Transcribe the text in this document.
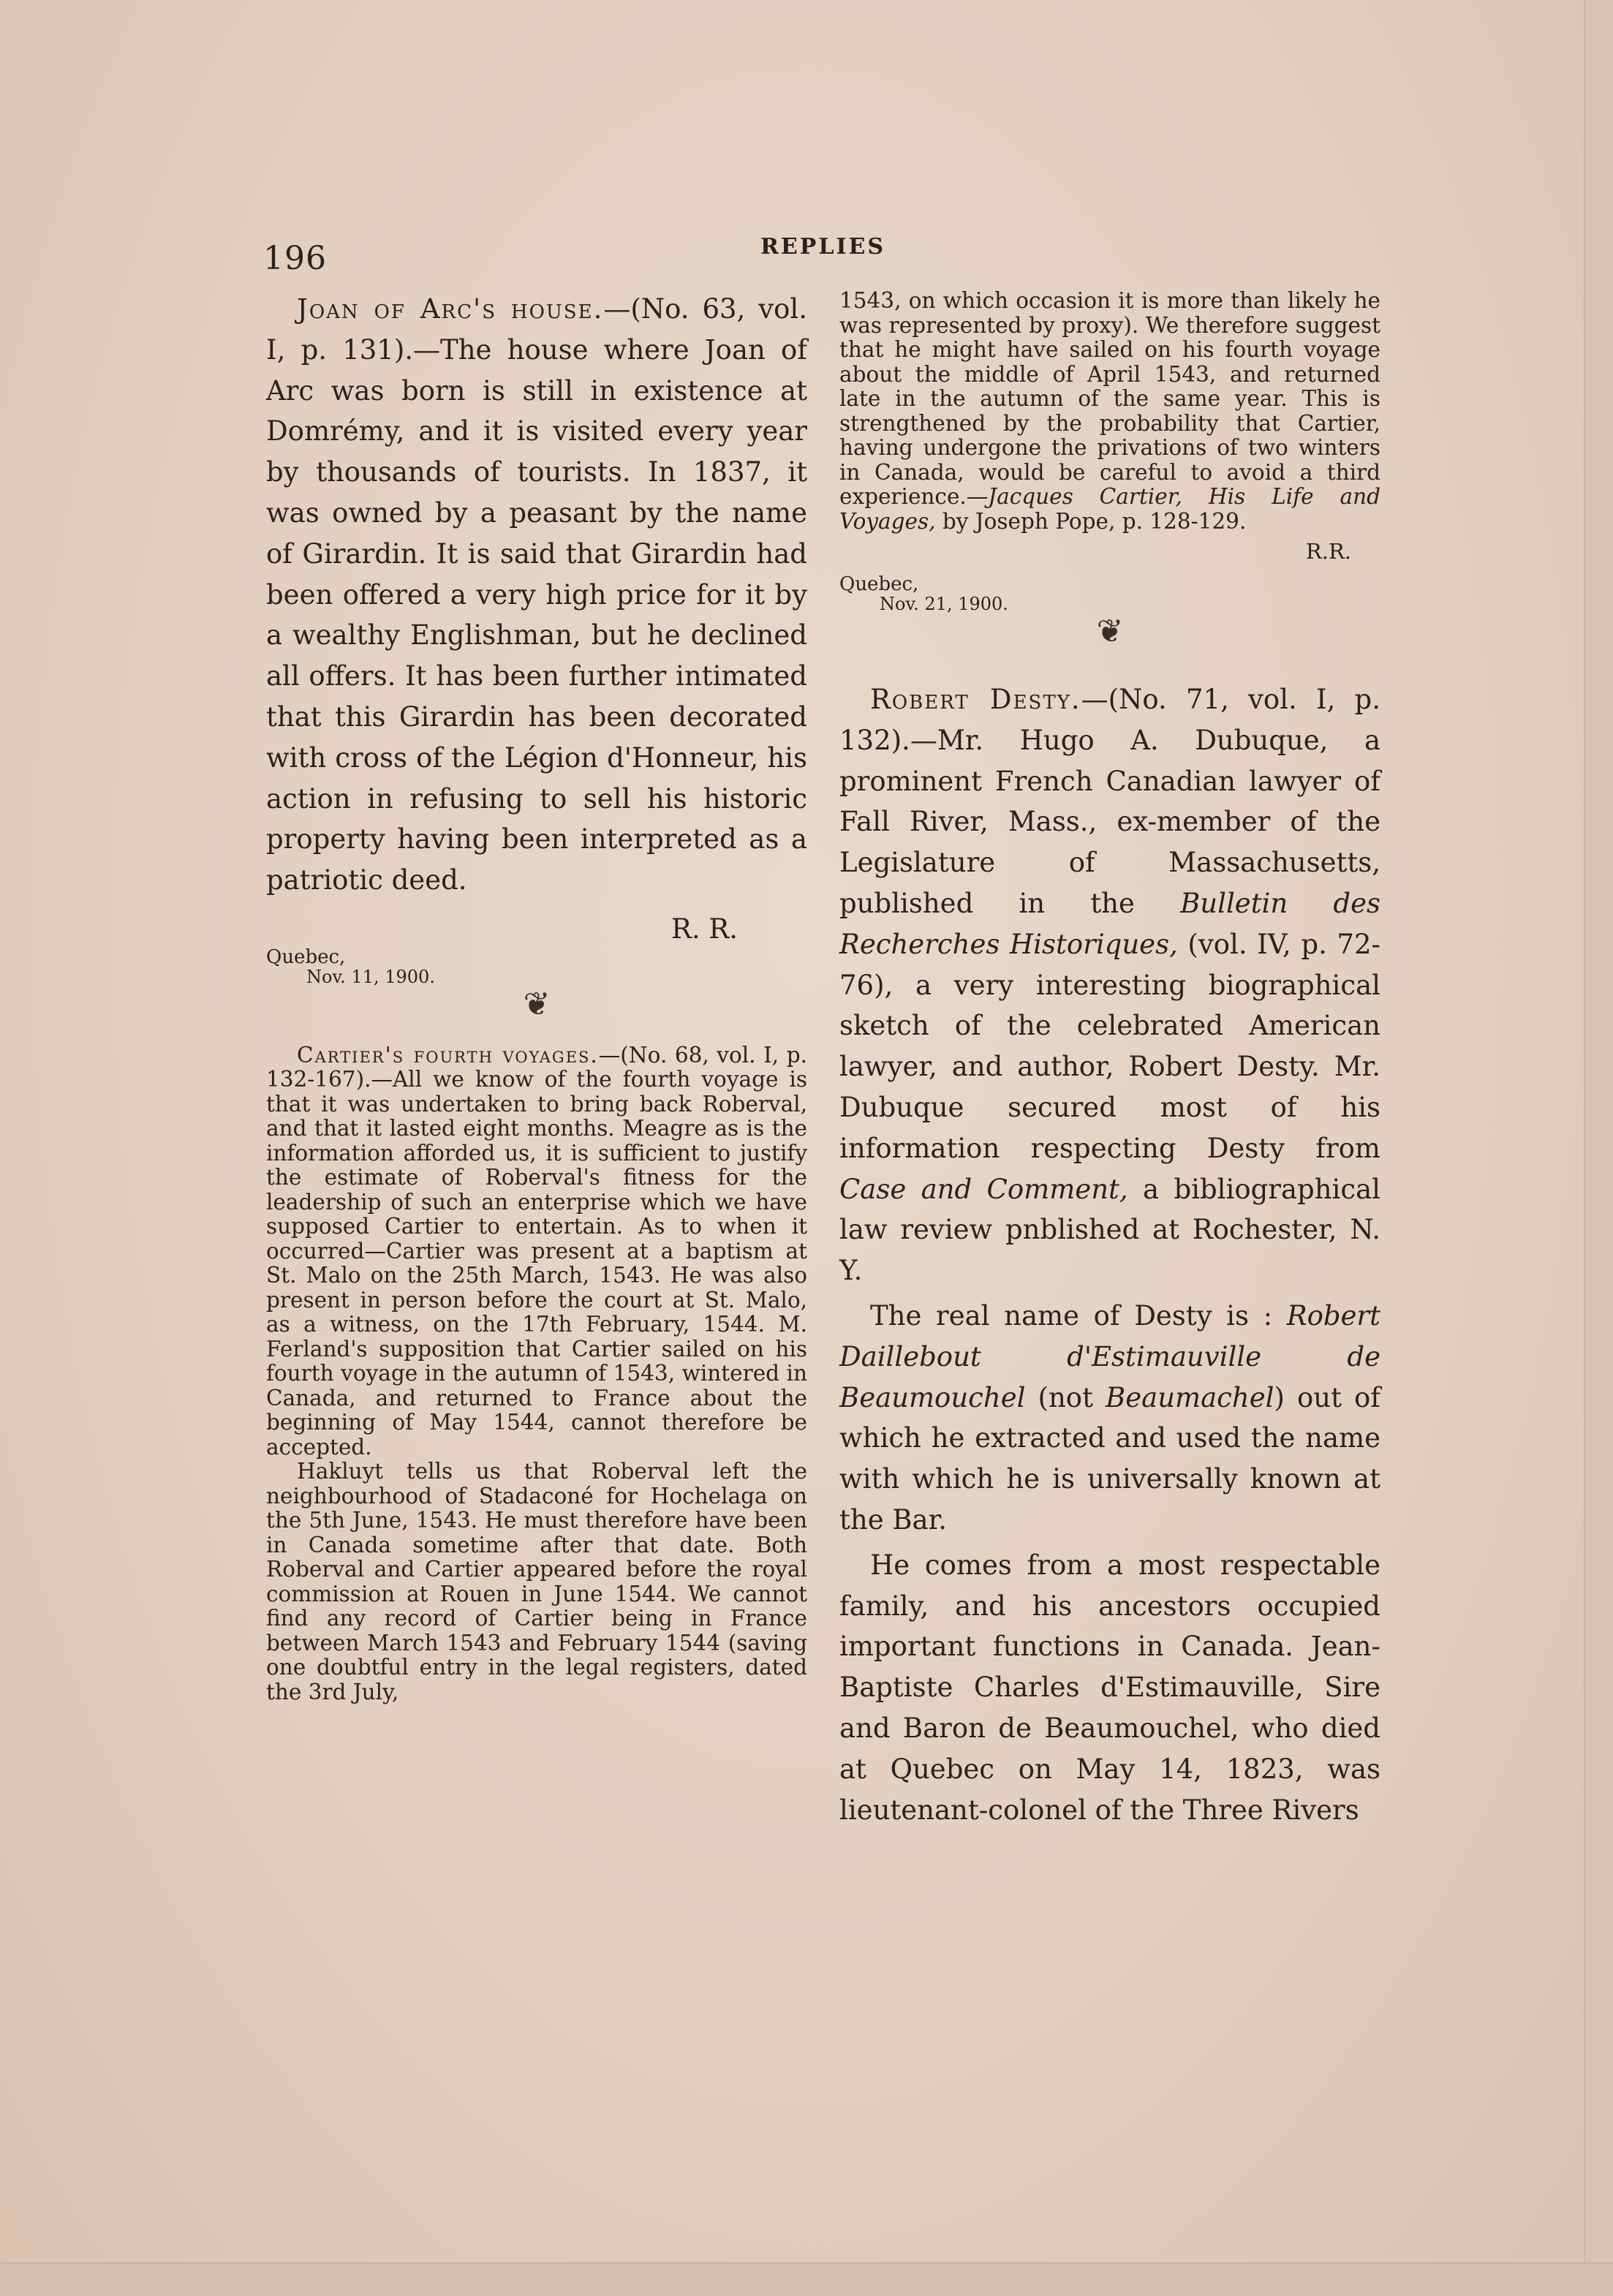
196	REPLIES

Joan of Arc's house.—(No. 63, vol. I, p. 131).—The house where Joan of Arc was born is still in existence at Domrémy, and it is visited every year by thousands of tourists. In 1837, it was owned by a peasant by the name of Girardin. It is said that Girardin had been offered a very high price for it by a wealthy Englishman, but he declined all offers. It has been further intimated that this Girardin has been decorated with cross of the Légion d'Honneur, his action in refusing to sell his historic property having been interpreted as a patriotic deed.

R. R.

Quebec,

Nov. 11, 1900.

❦

Cartier's fourth voyages.—(No. 68, vol. I, p. 132-167).—All we know of the fourth voyage is that it was undertaken to bring back Roberval, and that it lasted eight months. Meagre as is the information afforded us, it is sufficient to justify the estimate of Roberval's fitness for the leadership of such an enterprise which we have supposed Cartier to entertain. As to when it occurred—Cartier was present at a baptism at St. Malo on the 25th March, 1543. He was also present in person before the court at St. Malo, as a witness, on the 17th February, 1544. M. Ferland's supposition that Cartier sailed on his fourth voyage in the autumn of 1543, wintered in Canada, and returned to France about the beginning of May 1544, cannot therefore be accepted.

Hakluyt tells us that Roberval left the neighbourhood of Stadaconé for Hochelaga on the 5th June, 1543. He must therefore have been in Canada sometime after that date. Both Roberval and Cartier appeared before the royal commission at Rouen in June 1544. We cannot find any record of Cartier being in France between March 1543 and February 1544 (saving one doubtful entry in the legal registers, dated the 3rd July,

1543, on which occasion it is more than likely he was represented by proxy). We therefore suggest that he might have sailed on his fourth voyage about the middle of April 1543, and returned late in the autumn of the same year. This is strengthened by the probability that Cartier, having undergone the privations of two winters in Canada, would be careful to avoid a third experience.—Jacques Cartier, His Life and Voyages, by Joseph Pope, p. 128-129.

R.R.

Quebec,

Nov. 21, 1900.

❦

Robert Desty.—(No. 71, vol. I, p. 132).—Mr. Hugo A. Dubuque, a prominent French Canadian lawyer of Fall River, Mass., ex-member of the Legislature of Massachusetts, published in the Bulletin des Recherches Historiques, (vol. IV, p. 72-76), a very interesting biographical sketch of the celebrated American lawyer, and author, Robert Desty. Mr. Dubuque secured most of his information respecting Desty from Case and Comment, a bibliographical law review pnblished at Rochester, N. Y.

The real name of Desty is : Robert Daillebout d'Estimauville de Beaumouchel (not Beaumachel) out of which he extracted and used the name with which he is universally known at the Bar.

He comes from a most respectable family, and his ancestors occupied important functions in Canada. Jean-Baptiste Charles d'Estimauville, Sire and Baron de Beaumouchel, who died at Quebec on May 14, 1823, was lieutenant-colonel of the Three Rivers
